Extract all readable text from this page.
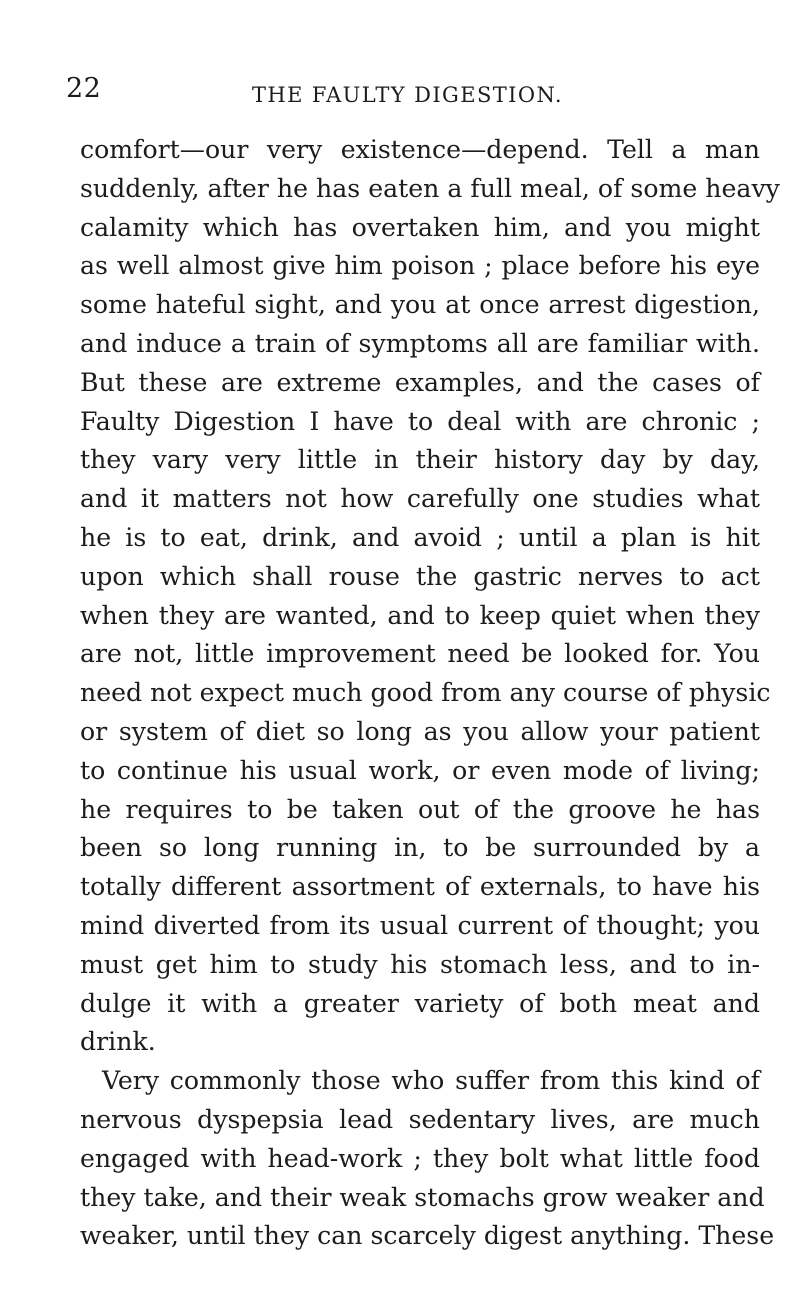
22	THE FAULTY DIGESTION.
comfort—our very existence—depend. Tell a man
suddenly, after he has eaten a full meal, of some heavy
calamity which has overtaken him, and you might
as well almost give him poison ; place before his eye
some hateful sight, and you at once arrest digestion,
and induce a train of symptoms all are familiar with.
But these are extreme examples, and the cases of
Faulty Digestion I have to deal with are chronic ;
they vary very little in their history day by day,
and it matters not how carefully one studies what
he is to eat, drink, and avoid ; until a plan is hit
upon which shall rouse the gastric nerves to act
when they are wanted, and to keep quiet when they
are not, little improvement need be looked for. You
need not expect much good from any course of physic
or system of diet so long as you allow your patient
to continue his usual work, or even mode of living;
he requires to be taken out of the groove he has
been so long running in, to be surrounded by a
totally different assortment of externals, to have his
mind diverted from its usual current of thought; you
must get him to study his stomach less, and to in-
dulge it with a greater variety of both meat and
drink.
Very commonly those who suffer from this kind of
nervous dyspepsia lead sedentary lives, are much
engaged with head-work ; they bolt what little food
they take, and their weak stomachs grow weaker and
weaker, until they can scarcely digest anything. These
